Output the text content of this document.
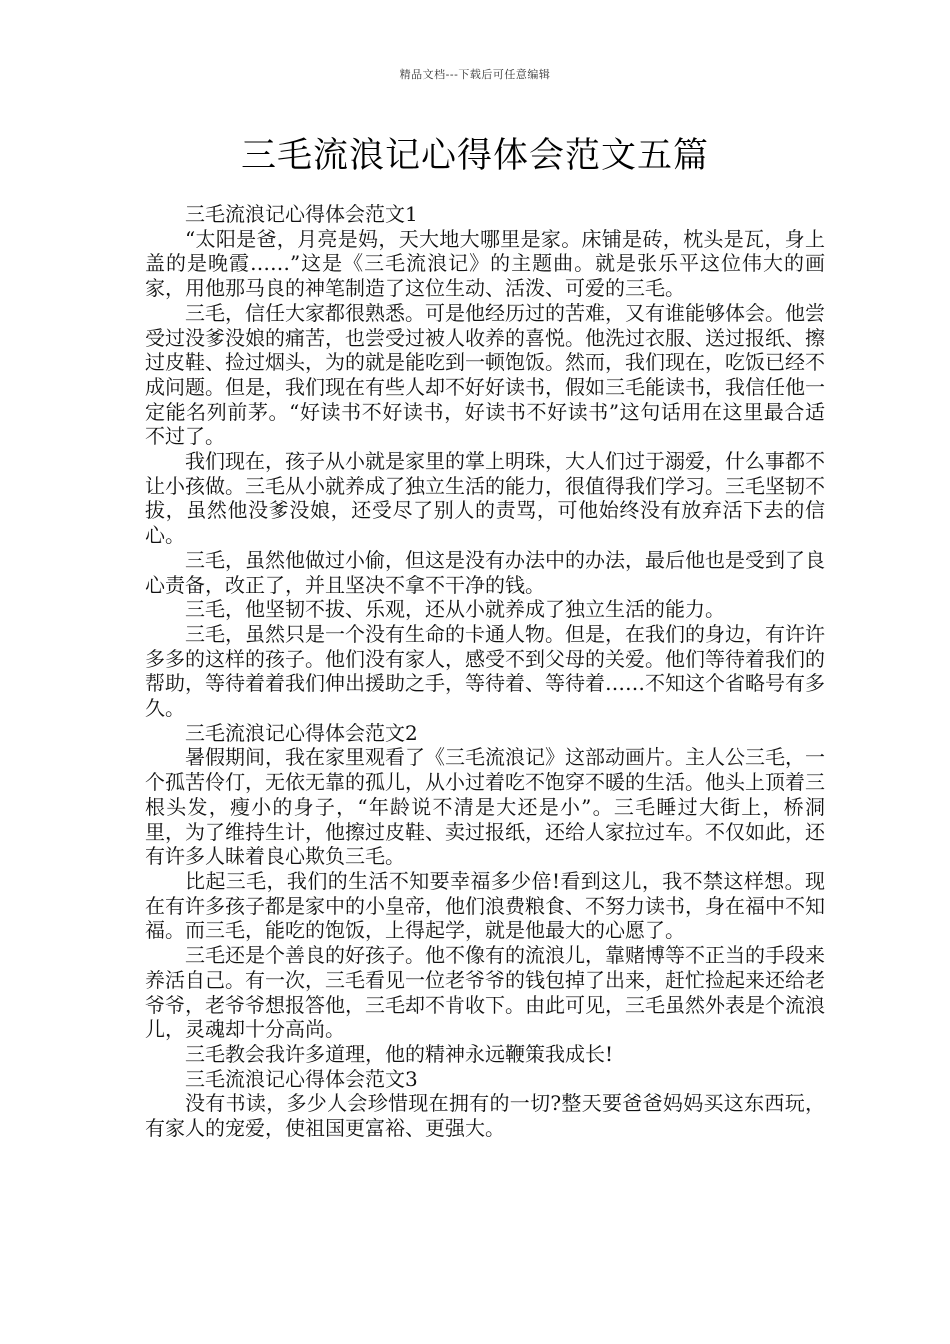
精品文档---下载后可任意编辑
三毛流浪记心得体会范文五篇

三毛流浪记心得体会范文1

“太阳是爸，月亮是妈，天大地大哪里是家。床铺是砖，枕头是瓦，身上盖的是晚霞……”这是《三毛流浪记》的主题曲。就是张乐平这位伟大的画家，用他那马良的神笔制造了这位生动、活泼、可爱的三毛。

三毛，信任大家都很熟悉。可是他经历过的苦难，又有谁能够体会。他尝受过没爹没娘的痛苦，也尝受过被人收养的喜悦。他洗过衣服、送过报纸、擦过皮鞋、捡过烟头，为的就是能吃到一顿饱饭。然而，我们现在，吃饭已经不成问题。但是，我们现在有些人却不好好读书，假如三毛能读书，我信任他一定能名列前茅。“好读书不好读书，好读书不好读书”这句话用在这里最合适不过了。

我们现在，孩子从小就是家里的掌上明珠，大人们过于溺爱，什么事都不让小孩做。三毛从小就养成了独立生活的能力，很值得我们学习。三毛坚韧不拔，虽然他没爹没娘，还受尽了别人的责骂，可他始终没有放弃活下去的信心。

三毛，虽然他做过小偷，但这是没有办法中的办法，最后他也是受到了良心责备，改正了，并且坚决不拿不干净的钱。

三毛，他坚韧不拔、乐观，还从小就养成了独立生活的能力。

三毛，虽然只是一个没有生命的卡通人物。但是，在我们的身边，有许许多多的这样的孩子。他们没有家人，感受不到父母的关爱。他们等待着我们的帮助，等待着着我们伸出援助之手，等待着、等待着……不知这个省略号有多久。

三毛流浪记心得体会范文2

暑假期间，我在家里观看了《三毛流浪记》这部动画片。主人公三毛，一个孤苦伶仃，无依无靠的孤儿，从小过着吃不饱穿不暖的生活。他头上顶着三根头发，瘦小的身子，“年龄说不清是大还是小”。三毛睡过大街上，桥洞里，为了维持生计，他擦过皮鞋、卖过报纸，还给人家拉过车。不仅如此，还有许多人昧着良心欺负三毛。

比起三毛，我们的生活不知要幸福多少倍!看到这儿，我不禁这样想。现在有许多孩子都是家中的小皇帝，他们浪费粮食、不努力读书，身在福中不知福。而三毛，能吃的饱饭，上得起学，就是他最大的心愿了。

三毛还是个善良的好孩子。他不像有的流浪儿，靠赌博等不正当的手段来养活自己。有一次，三毛看见一位老爷爷的钱包掉了出来，赶忙捡起来还给老爷爷，老爷爷想报答他，三毛却不肯收下。由此可见，三毛虽然外表是个流浪儿，灵魂却十分高尚。

三毛教会我许多道理，他的精神永远鞭策我成长!

三毛流浪记心得体会范文3

没有书读，多少人会珍惜现在拥有的一切?整天要爸爸妈妈买这东西玩，有家人的宠爱，使祖国更富裕、更强大。
